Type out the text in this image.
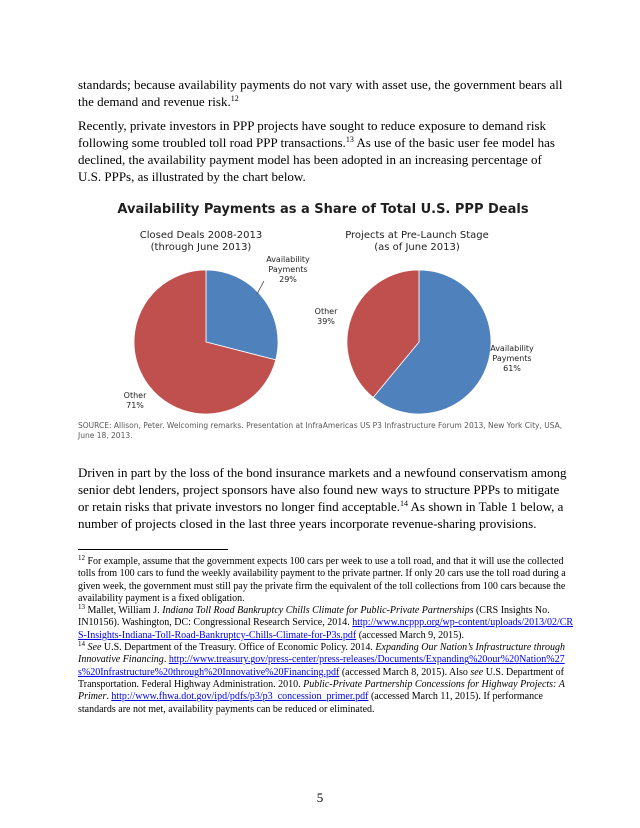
standards; because availability payments do not vary with asset use, the government bears all the demand and revenue risk.$^{12}$

Recently, private investors in PPP projects have sought to reduce exposure to demand risk following some troubled toll road PPP transactions.$^{13}$ As use of the basic user fee model has declined, the availability payment model has been adopted in an increasing percentage of U.S. PPPs, as illustrated by the chart below.

Availability Payments as a Share of Total U.S. PPP Deals
Closed Deals 2008-2013
(through June 2013)
Projects at Pre-Launch Stage
(as of June 2013)
Availability
Payments
29%
Other
71%
Other
39%
Availability
Payments
61%
SOURCE: Allison, Peter. Welcoming remarks. Presentation at InfraAmericas US P3 Infrastructure Forum 2013, New York City, USA, June 18, 2013.

Driven in part by the loss of the bond insurance markets and a newfound conservatism among senior debt lenders, project sponsors have also found new ways to structure PPPs to mitigate or retain risks that private investors no longer find acceptable.$^{14}$ As shown in Table 1 below, a number of projects closed in the last three years incorporate revenue-sharing provisions.

$^{12}$ For example, assume that the government expects 100 cars per week to use a toll road, and that it will use the collected tolls from 100 cars to fund the weekly availability payment to the private partner. If only 20 cars use the toll road during a given week, the government must still pay the private firm the equivalent of the toll collections from 100 cars because the availability payment is a fixed obligation.

$^{13}$ Mallet, William J. Indiana Toll Road Bankruptcy Chills Climate for Public-Private Partnerships (CRS Insights No. IN10156). Washington, DC: Congressional Research Service, 2014. http://www.ncppp.org/wp-content/uploads/2013/02/CRS-Insights-Indiana-Toll-Road-Bankruptcy-Chills-Climate-for-P3s.pdf (accessed March 9, 2015).

$^{14}$ See U.S. Department of the Treasury. Office of Economic Policy. 2014. Expanding Our Nation’s Infrastructure through Innovative Financing. http://www.treasury.gov/press-center/press-releases/Documents/Expanding%20our%20Nation%27s%20Infrastructure%20through%20Innovative%20Financing.pdf (accessed March 8, 2015). Also see U.S. Department of Transportation. Federal Highway Administration. 2010. Public-Private Partnership Concessions for Highway Projects: A Primer. http://www.fhwa.dot.gov/ipd/pdfs/p3/p3_concession_primer.pdf (accessed March 11, 2015). If performance standards are not met, availability payments can be reduced or eliminated.

5
